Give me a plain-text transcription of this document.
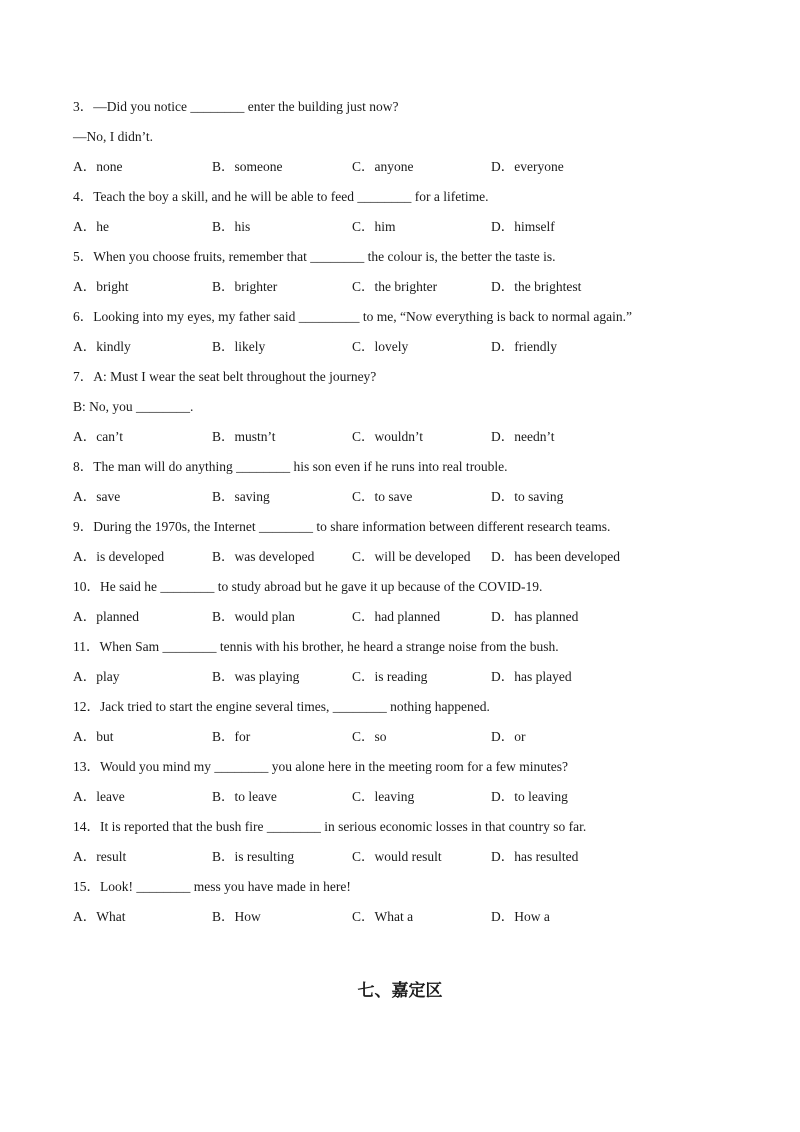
3．—Did you notice ________ enter the building just now?
—No, I didn’t.
A．none	B．someone	C．anyone	D．everyone
4．Teach the boy a skill, and he will be able to feed ________ for a lifetime.
A．he	B．his	C．him	D．himself
5．When you choose fruits, remember that ________ the colour is, the better the taste is.
A．bright	B．brighter	C．the brighter	D．the brightest
6．Looking into my eyes, my father said _________ to me, “Now everything is back to normal again.”
A．kindly	B．likely	C．lovely	D．friendly
7．A: Must I wear the seat belt throughout the journey?
B: No, you ________.
A．can’t	B．mustn’t	C．wouldn’t	D．needn’t
8．The man will do anything ________ his son even if he runs into real trouble.
A．save	B．saving	C．to save	D．to saving
9．During the 1970s, the Internet ________ to share information between different research teams.
A．is developed	B．was developed	C．will be developed D．has been developed
10．He said he ________ to study abroad but he gave it up because of the COVID-19.
A．planned	B．would plan	C．had planned	D．has planned
11．When Sam ________ tennis with his brother, he heard a strange noise from the bush.
A．play	B．was playing	C．is reading	D．has played
12．Jack tried to start the engine several times, ________ nothing happened.
A．but	B．for	C．so	D．or
13．Would you mind my ________ you alone here in the meeting room for a few minutes?
A．leave	B．to leave	C．leaving	D．to leaving
14．It is reported that the bush fire ________ in serious economic losses in that country so far.
A．result	B．is resulting	C．would result	D．has resulted
15．Look! ________ mess you have made in here!
A．What	B．How	C．What a	D．How a
七、嘉定区
